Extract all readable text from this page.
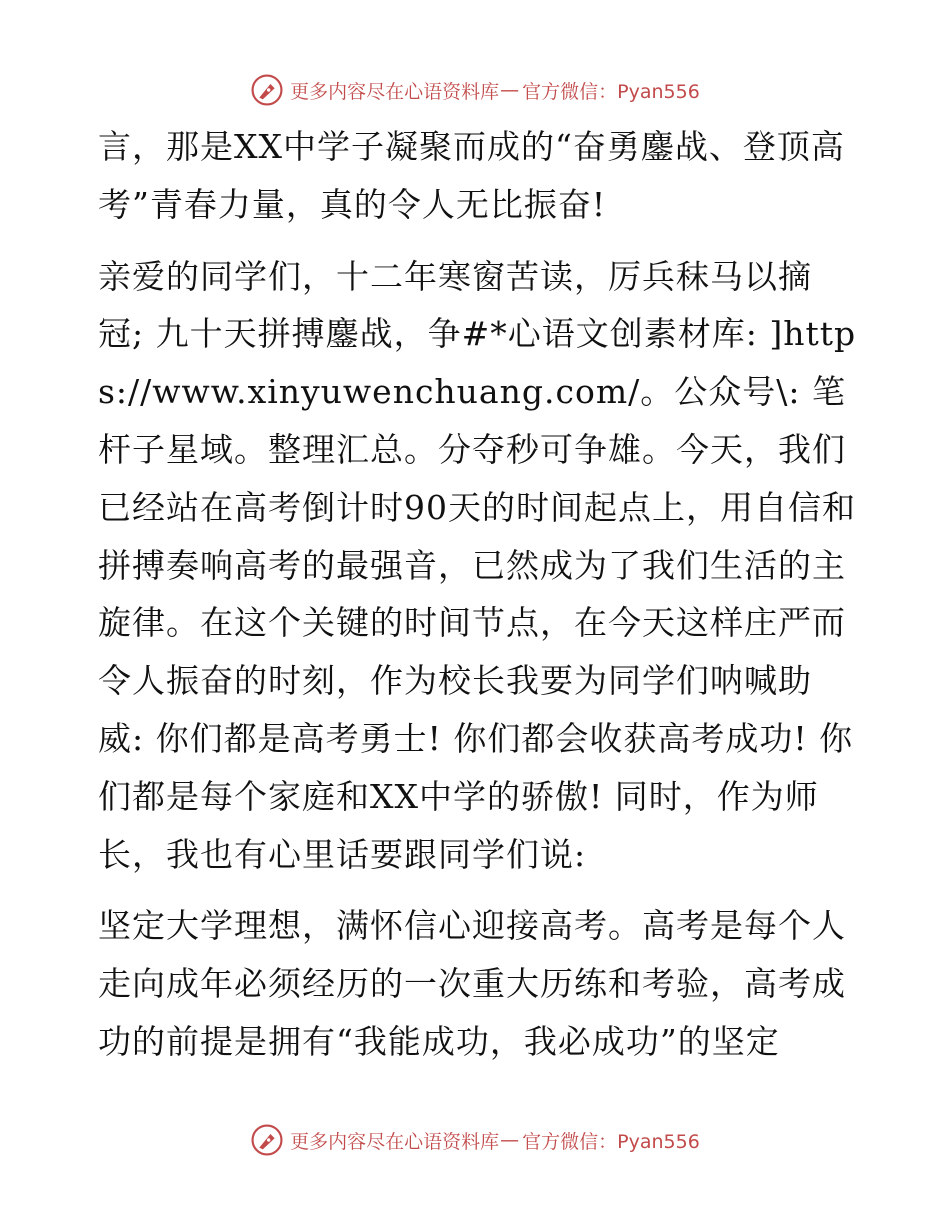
更多内容尽在心语资料库 — 官方微信：Pyan556

言，那是XX中学子凝聚而成的“奋勇鏖战、登顶高考”青春力量，真的令人无比振奋!

亲爱的同学们，十二年寒窗苦读，厉兵秣马以摘冠; 九十天拼搏鏖战，争#*心语文创素材库: ]https://www.xinyuwenchuang.com/。公众号\: 笔杆子星域。整理汇总。分夺秒可争雄。今天，我们已经站在高考倒计时90天的时间起点上，用自信和拼搏奏响高考的最强音，已然成为了我们生活的主旋律。在这个关键的时间节点，在今天这样庄严而令人振奋的时刻，作为校长我要为同学们呐喊助威: 你们都是高考勇士! 你们都会收获高考成功! 你们都是每个家庭和XX中学的骄傲! 同时，作为师长，我也有心里话要跟同学们说:

坚定大学理想，满怀信心迎接高考。高考是每个人走向成年必须经历的一次重大历练和考验，高考成功的前提是拥有“我能成功，我必成功”的坚定

更多内容尽在心语资料库 — 官方微信：Pyan556
